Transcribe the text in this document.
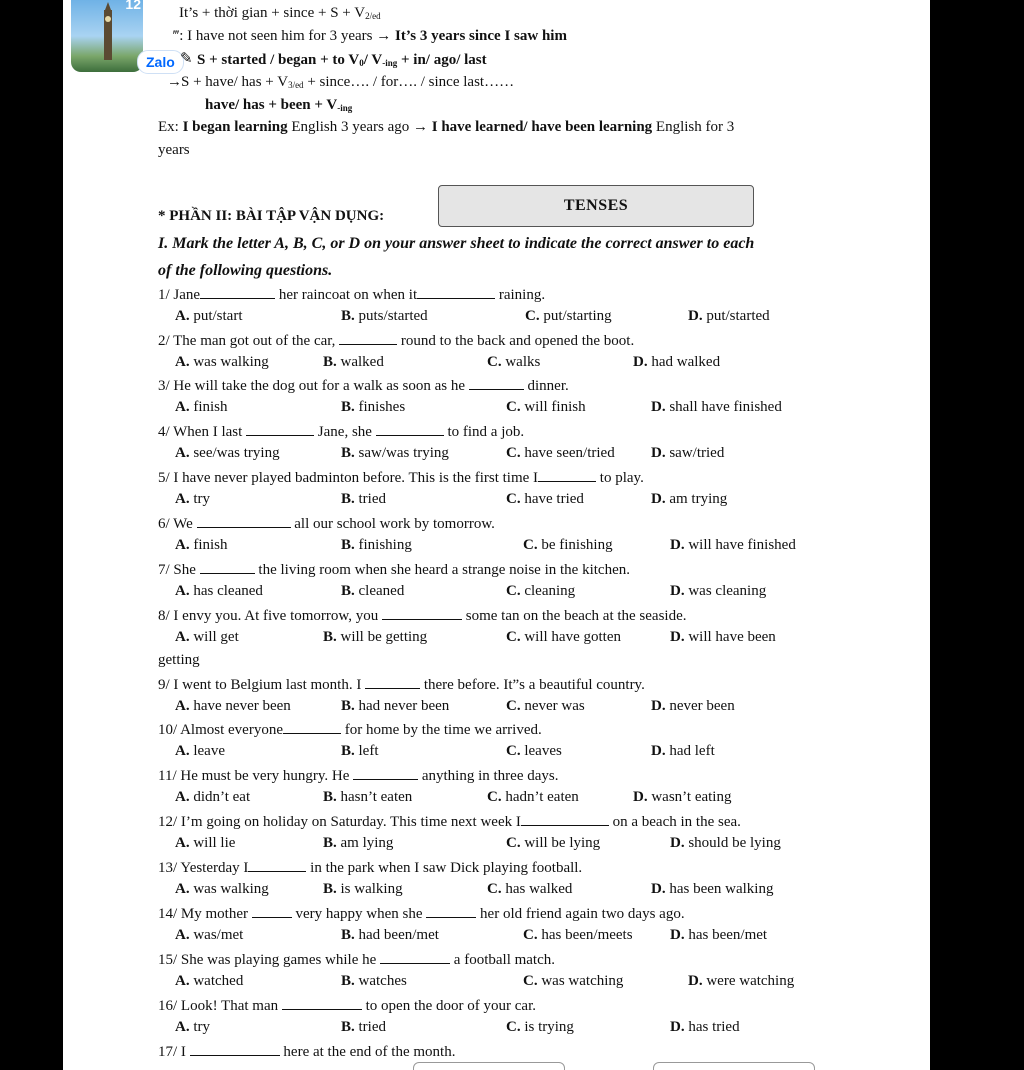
12
Zalo ✎
It’s + thời gian + since + $S + V_{2/ed}$
‴: I have not seen him for 3 years → It’s 3 years since I saw him
S + started / began + to $V_0/$ $V_{-ing} + in/$ ago/ last
→ S + have/ has + $V_{3/ed}$ + since…. / for…. / since last……
have/ has + been + $V_{-ing}$
Ex: I began learning English 3 years ago → I have learned/ have been learning English for 3
years
* PHẦN II: BÀI TẬP VẬN DỤNG:
TENSES
I. Mark the letter A, B, C, or D on your answer sheet to indicate the correct answer to each
of the following questions.
1/ Jane	her raincoat on when it	raining.
A. put/start	B. puts/started	C. put/starting	D. put/started
2/ The man got out of the car,	round to the back and opened the boot.
A. was walking	B. walked	C. walks	D. had walked
3/ He will take the dog out for a walk as soon as he	dinner.
A. finish	B. finishes	C. will finish	D. shall have finished
4/ When I last	Jane, she	to find a job.
A. see/was trying	B. saw/was trying	C. have seen/tried D. saw/tried
5/ I have never played badminton before. This is the first time I	to play.
A. try	B. tried	C. have tried	D. am trying
6/ We	all our school work by tomorrow.
A. finish	B. finishing	C. be finishing	D. will have finished
7/ She	the living room when she heard a strange noise in the kitchen.
A. has cleaned	B. cleaned	C. cleaning	D. was cleaning
8/ I envy you. At five tomorrow, you	some tan on the beach at the seaside.
A. will get	B. will be getting	C. will have gotten	D. will have been
getting
9/ I went to Belgium last month. I	there before. It”s a beautiful country.
A. have never been	B. had never been	C. never was	D. never been
10/ Almost everyone	for home by the time we arrived.
A. leave	B. left	C. leaves	D. had left
11/ He must be very hungry. He	anything in three days.
A. didn’t eat	B. hasn’t eaten	C. hadn’t eaten	D. wasn’t eating
12/ I’m going on holiday on Saturday. This time next week I	on a beach in the sea.
A. will lie	B. am lying	C. will be lying	D. should be lying
13/ Yesterday I	in the park when I saw Dick playing football.
A. was walking	B. is walking	C. has walked	D. has been walking
14/ My mother	very happy when she	her old friend again two days ago.
A. was/met	B. had been/met	C. has been/meets D. has been/met
15/ She was playing games while he	a football match.
A. watched	B. watches	C. was watching	D. were watching
16/ Look! That man	to open the door of your car.
A. try	B. tried	C. is trying	D. has tried
17/ I	here at the end of the month.
